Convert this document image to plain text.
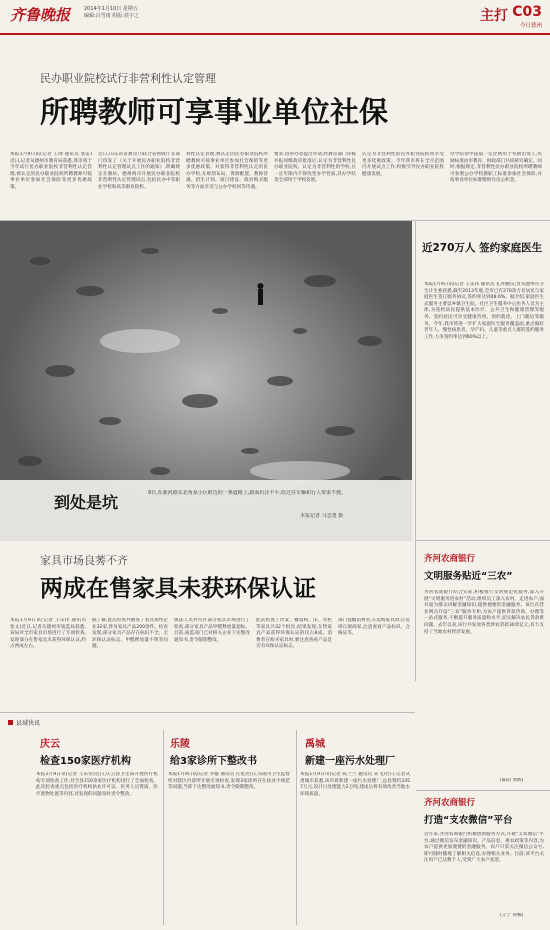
齐鲁晚报	2014年1月10日 星期五
编辑:吕雪雨 组版:侯宇之	主打 C03
今日德州
民办职业院校试行非营利性认定管理
所聘教师可享事业单位社保
本报1月9日讯(记者 王帅 通讯员 张雷)近日,记者从德州市教育局获悉,我市将于今年试行民办职业院校非营利性认定管理,被认定的民办职业院校所聘教师可按事业单位参加社会保险等更多优惠政策。
近日,山东省省教育厅联合省财政厅等部门印发了《关于开展民办职业院校非营利性认定管理试点工作的通知》,明确规定在潍坊、德州两市开展民办职业院校非营利性认定管理试点,包括民办中等职业学校和高等职业院校。
利性认定管理,被认定的民办职业院校所聘教师可按事业单位参加社会保险等更多优惠政策。对获得非营利性认定的民办学校,在规划布局、资源配置、教师待遇、招生计划、项目建设、政府购买服务等方面享受与公办学校同等待遇。
要求,由举办者提出申请,经教育部门审核并报同级政府批准后,认定为非营利性民办职业院校。认定为非营利性的学校,在一定年限内不得改变办学性质,其办学结余全部用于学校发展。
认定为非营利性的民办职业院校将享受更多优惠政策。今年我市将在全市范围内开展试点工作,积极引导民办职业院校健康发展。
办学结余中提取一定比例用于奖励出资人,奖励标准由市教育、财政部门共同研究确定。同时,根据规定,非营利性民办职业院校所聘教师可参照公办学校教职工标准参加社会保险,并按事业单位标准缴纳住房公积金。
到处是坑	9日,在新河路东北角某小区附近的一条道路上,路面坑洼不平,给过往车辆和行人带来不便。
本报记者 马志勇 摄
近270万人 签约家庭医生
本报1月9日讯(记者 王乐伟 通讯员 孔祥鹏)记者从德州市卫生计生委获悉,截至2013年底,全市已有270余万名居民与家庭医生签订服务协议,签约率达到48.6%。据介绍,家庭医生式服务主要以乡镇卫生院、社区卫生服务中心医务人员为主体,为签约居民提供基本医疗、公共卫生和健康管理等服务。签约居民可享受健康咨询、预约就诊、上门随访等服务。今年,我市将进一步扩大家庭医生服务覆盖面,重点做好老年人、慢性病患者、孕产妇、儿童等重点人群的签约服务工作,力争签约率达到60%以上。
家具市场良莠不齐
两成在售家具未获环保认证
本报1月9日讯(记者 王乐伟 通讯员 张文)近日,记者从德州市质监局获悉,该局对全市家具市场进行了专项检查,发现部分在售家具未获得环保认证,约占两成左右。
据了解,此次检查共抽查了家具销售企业32家,涉及家具产品200余件。检查发现,部分家具产品存在标识不全、无环保认证标志、甲醛释放量不明等问题。
执法人员对市区部分家具市场进行了检查,部分家具产品甲醛释放量超标。目前,质监部门已对相关企业下达整改通知书,责令限期整改。
此次检查了沙发、餐桌椅、床、衣柜等家具共32个批次,结果发现,在售家具产品获得环保认证的仅占8成。消费者在购买家具时,要注意查看产品是否有环保认证标志。
部门提醒消费者,在选购家具时,应选择正规商家,注意查看产品标识、合格证等。
齐河农商银行
文明服务贴近“三农”
齐河农商银行结合实际,积极推行文明规范化服务,深入开展“文明服务进农村”活动,组织员工深入农村、走进农户,面对面为群众讲解金融知识,提供便捷的金融服务。该行在营业网点开设“三农”服务专柜,为农户提供贷款咨询、办理等一站式服务,不断提升服务质量和水平,切实解决农民贷款难问题。去年以来,该行共发放各类涉农贷款30余亿元,有力支持了当地农村经济发展。
(陈阳 刘杨)
齐河农商银行
打造“支农微信”平台
近年来,齐河农商银行积极创新服务方式,开通“支农微信”平台,通过微信发布金融知识、产品信息、惠农政策等内容,为农户提供更加便捷的金融服务。农户只需关注微信公众号,即可随时随地了解相关信息,办理相关业务。目前,该平台关注用户已达数千人,受到广大农户欢迎。
(王宁 孙娜)
县域快讯
庆云
检查150家医疗机构
本报1月9日讯(记者 王乐伟)近日,庆云县卫生局开展医疗机构专项检查工作,对全县150余家医疗机构进行了全面检查。此次检查重点包括医疗机构执业许可证、医务人员资质、医疗废物处置等内容,对发现的问题及时责令整改。
乐陵
给3家诊所下整改书
本报1月9日讯(记者 李璇 通讯员 庄星)近日,乐陵市卫生监督所对辖区内诊所开展专项检查,发现3家诊所存在执业不规范等问题,当即下达整改通知书,责令限期整改。
禹城
新建一座污水处理厂
本报1月9日讯(记者 陈兰兰 通讯员 宋飞)近日,记者从禹城市获悉,该市将新建一座污水处理厂,总投资约3357万元,设计日处理能力2万吨,建成后将有效改善当地水环境质量。
